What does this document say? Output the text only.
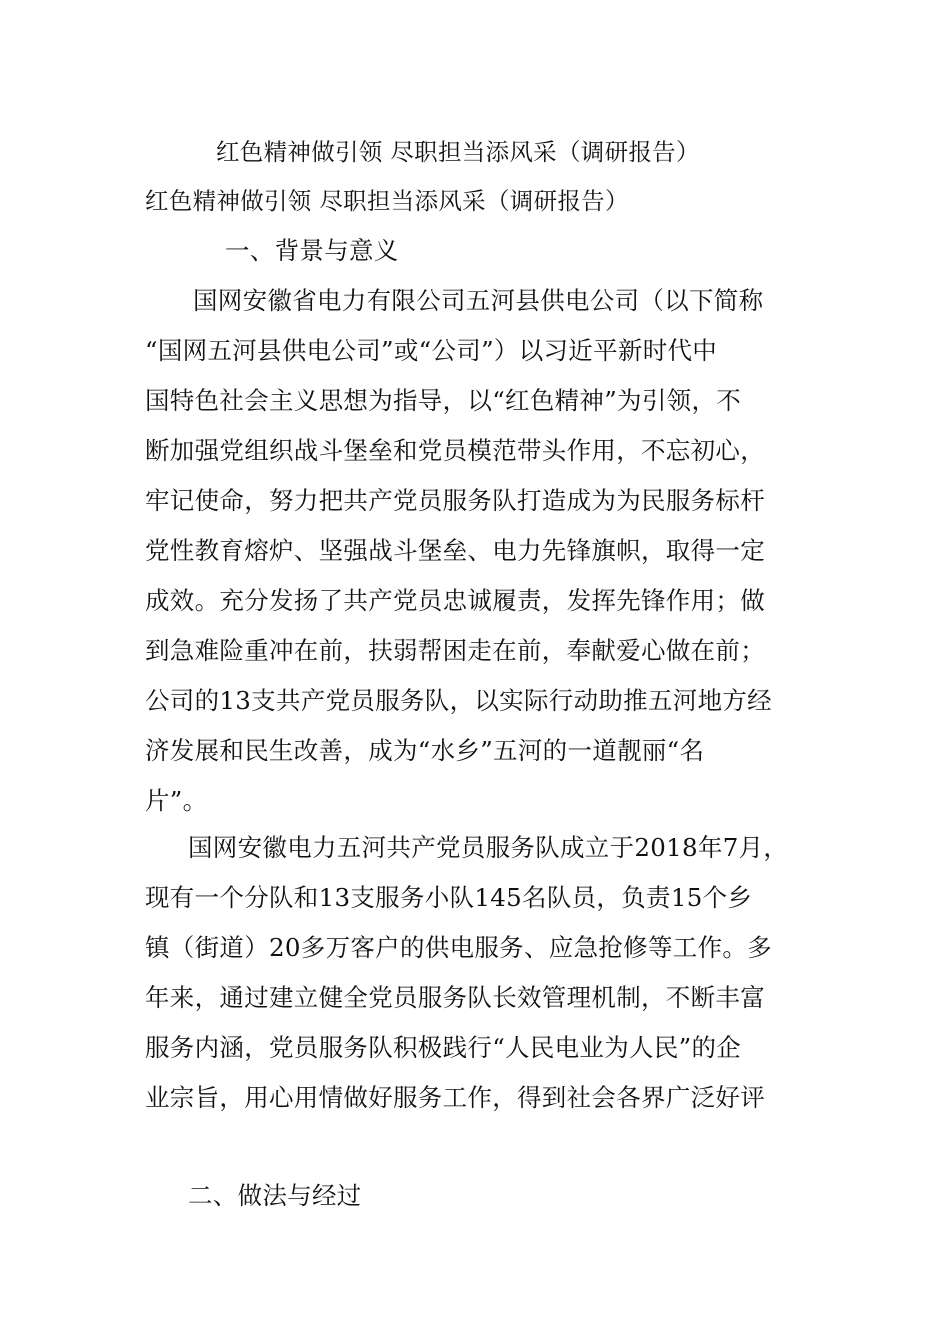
红色精神做引领 尽职担当添风采（调研报告）
红色精神做引领 尽职担当添风采（调研报告）
一、背景与意义
国网安徽省电力有限公司五河县供电公司（以下简称
“国网五河县供电公司”或“公司”）以习近平新时代中
国特色社会主义思想为指导，以“红色精神”为引领，不
断加强党组织战斗堡垒和党员模范带头作用，不忘初心，
牢记使命，努力把共产党员服务队打造成为为民服务标杆
党性教育熔炉、坚强战斗堡垒、电力先锋旗帜，取得一定
成效。充分发扬了共产党员忠诚履责，发挥先锋作用；做
到急难险重冲在前，扶弱帮困走在前，奉献爱心做在前；
公司的13支共产党员服务队，以实际行动助推五河地方经
济发展和民生改善，成为“水乡”五河的一道靓丽“名
片”。
国网安徽电力五河共产党员服务队成立于2018年7月，
现有一个分队和13支服务小队145名队员，负责15个乡
镇（街道）20多万客户的供电服务、应急抢修等工作。多
年来，通过建立健全党员服务队长效管理机制，不断丰富
服务内涵，党员服务队积极践行“人民电业为人民”的企
业宗旨，用心用情做好服务工作，得到社会各界广泛好评
二、做法与经过
